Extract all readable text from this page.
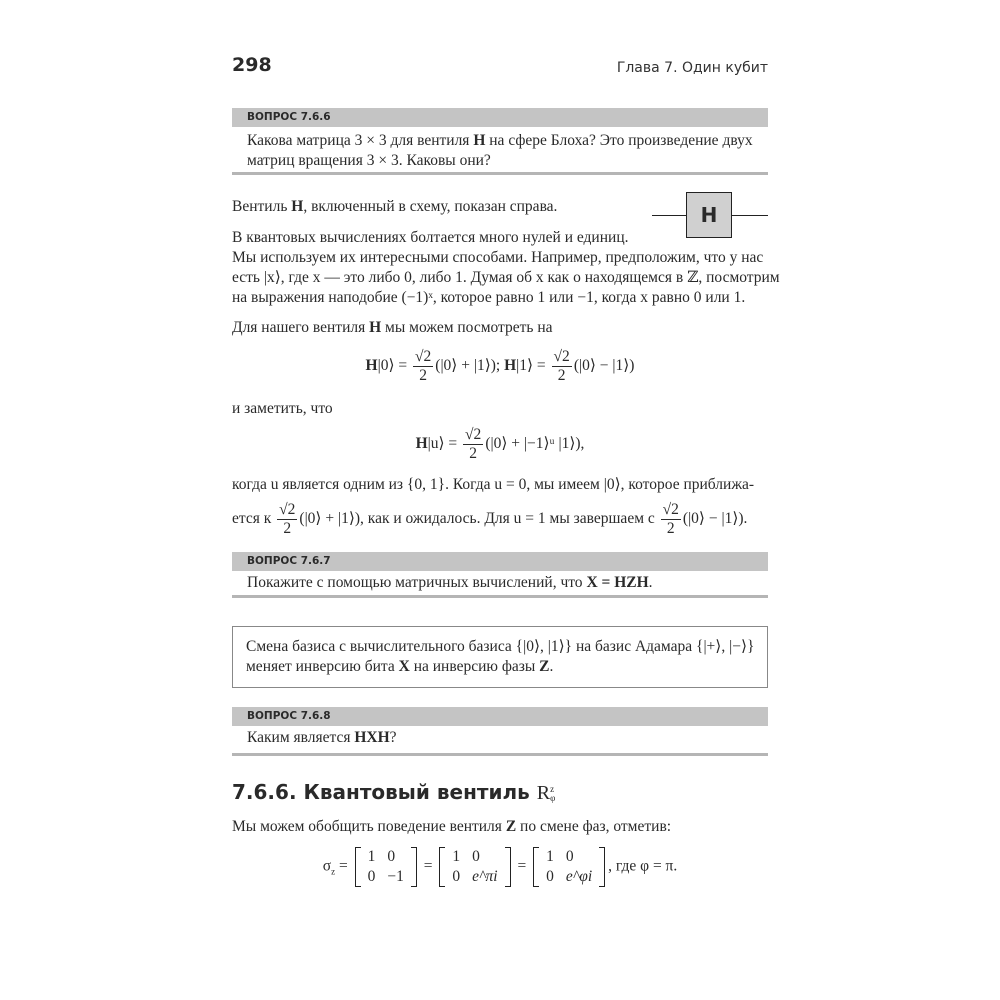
298	Глава 7. Один кубит
H
ВОПРОС 7.6.6
Какова матрица 3 × 3 для вентиля H на сфере Блоха? Это произведение двух
матриц вращения 3 × 3. Каковы они?
Вентиль H, включенный в схему, показан справа.
В квантовых вычислениях болтается много нулей и единиц.
Мы используем их интересными способами. Например, предположим, что у нас
есть |x⟩, где x — это либо 0, либо 1. Думая об x как о находящемся в ℤ, посмотрим
на выражения наподобие (−1)ˣ, которое равно 1 или −1, когда x равно 0 или 1.
Для нашего вентиля H мы можем посмотреть на
H|0⟩ = $\frac{√2}{2}$ (|0⟩ + |1⟩); H|1⟩ = $\frac{√2}{2}$ (|0⟩ − |1⟩)
и заметить, что
H|u⟩ = $\frac{√2}{2}$ (|0⟩ + |−1⟩ᵘ |1⟩),
когда u является одним из {0, 1}. Когда u = 0, мы имеем |0⟩, которое приближа-
ется к $\frac{√2}{2}$ (|0⟩ + |1⟩), как и ожидалось. Для u = 1 мы завершаем с $\frac{√2}{2}$ (|0⟩ − |1⟩).
ВОПРОС 7.6.7
Покажите с помощью матричных вычислений, что X = HZH.
Смена базиса с вычислительного базиса {|0⟩, |1⟩} на базис Адамара {|+⟩, |−⟩}
меняет инверсию бита X на инверсию фазы Z.
ВОПРОС 7.6.8
Каким является HXH?
7.6.6. Квантовый вентиль R z
φ
Мы можем обобщить поведение вентиля Z по смене фаз, отметив:
$\sigma_z$ =
1	0
0	−1
=
1	0
0	e^πi
=
1	0
0	e^φi
, где φ = π.
